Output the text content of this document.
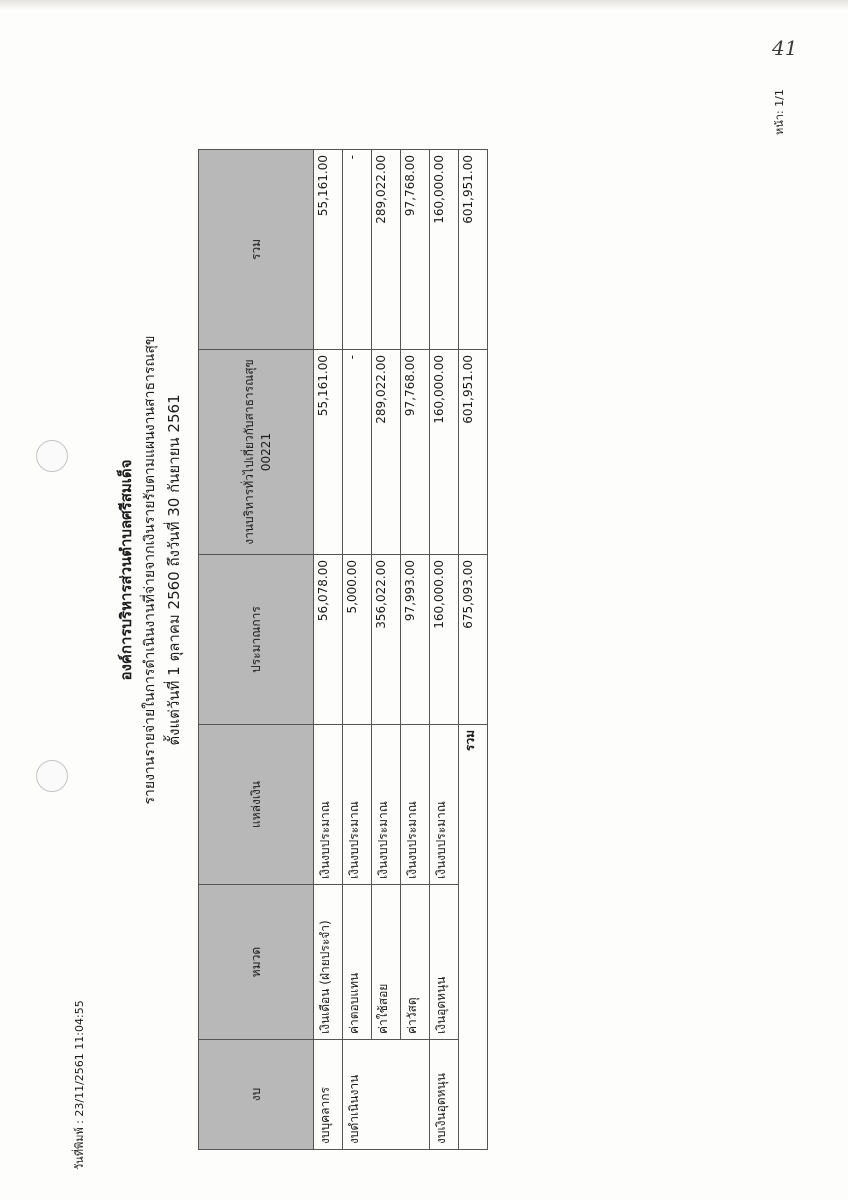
41
หน้า: 1/1
วันที่พิมพ์ : 23/11/2561 11:04:55
องค์การบริหารส่วนตำบลศรีสมเด็จ รายงานรายจ่ายในการดำเนินงานที่จ่ายจากเงินรายรับตามแผนงานสาธารณสุข ตั้งแต่วันที่ 1 ตุลาคม 2560 ถึงวันที่ 30 กันยายน 2561
งบ	หมวด	แหล่งเงิน	ประมาณการ	งานบริหารทั่วไปเกี่ยวกับสาธารณสุข 00221	รวม
งบบุคลากร	เงินเดือน (ฝ่ายประจำ)	เงินงบประมาณ	56,078.00	55,161.00	55,161.00
งบดำเนินงาน	ค่าตอบแทน	เงินงบประมาณ	5,000.00	-	-
	ค่าใช้สอย	เงินงบประมาณ	356,022.00	289,022.00	289,022.00
	ค่าวัสดุ	เงินงบประมาณ	97,993.00	97,768.00	97,768.00
งบเงินอุดหนุน	เงินอุดหนุน	เงินงบประมาณ	160,000.00	160,000.00	160,000.00
รวม			675,093.00	601,951.00	601,951.00
